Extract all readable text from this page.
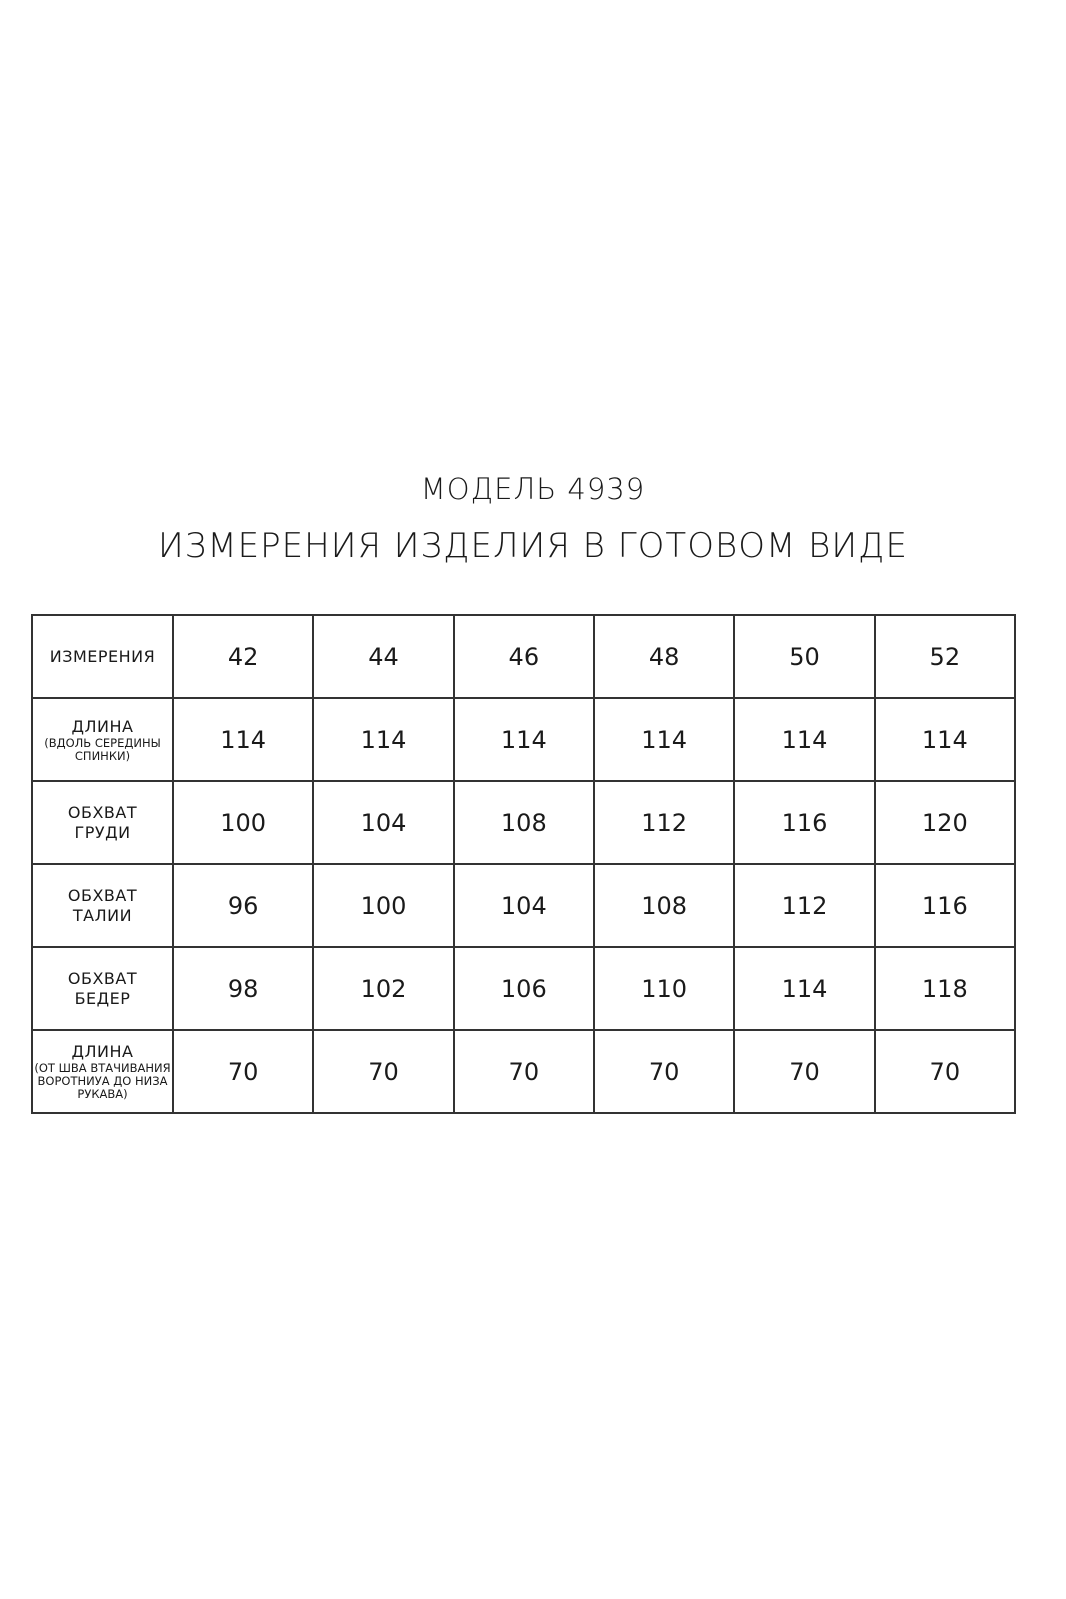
МОДЕЛЬ 4939
ИЗМЕРЕНИЯ ИЗДЕЛИЯ В ГОТОВОМ ВИДЕ
ИЗМЕРЕНИЯ	42	44	46	48	50	52

ДЛИНА
(ВДОЛЬ СЕРЕДИНЫ СПИНКИ)	114	114	114	114	114	114

ОБХВАТ
ГРУДИ	100	104	108	112	116	120

ОБХВАТ
ТАЛИИ	96	100	104	108	112	116

ОБХВАТ
БЕДЕР	98	102	106	110	114	118

ДЛИНА
(ОТ ШВА ВТАЧИВАНИЯ ВОРОТНИУА ДО НИЗА РУКАВА)	70	70	70	70	70	70
